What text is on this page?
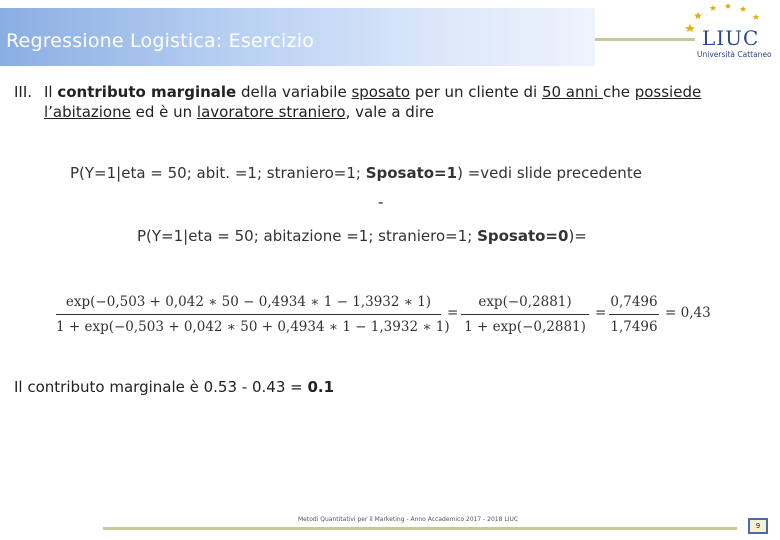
Regressione Logistica: Esercizio	LIUC
Università Cattaneo
III. Il contributo marginale della variabile sposato per un cliente di 50 anni che possiede l’abitazione ed è un lavoratore straniero, vale a dire
P(Y=1|eta = 50; abit. =1; straniero=1; Sposato=1) =vedi slide precedente
-
P(Y=1|eta = 50; abitazione =1; straniero=1; Sposato=0)=
exp(−0,503 + 0,042 ∗ 50 − 0,4934 ∗ 1 − 1,3932 ∗ 1)
1 + exp(−0,503 + 0,042 ∗ 50 + 0,4934 ∗ 1 − 1,3932 ∗ 1)
=
exp(−0,2881)
1 + exp(−0,2881)
=
0,7496
1,7496
= 0,43
Il contributo marginale è 0.53 - 0.43 = 0.1
Metodi Quantitativi per il Marketing - Anno Accademico 2017 - 2018 LIUC
9
